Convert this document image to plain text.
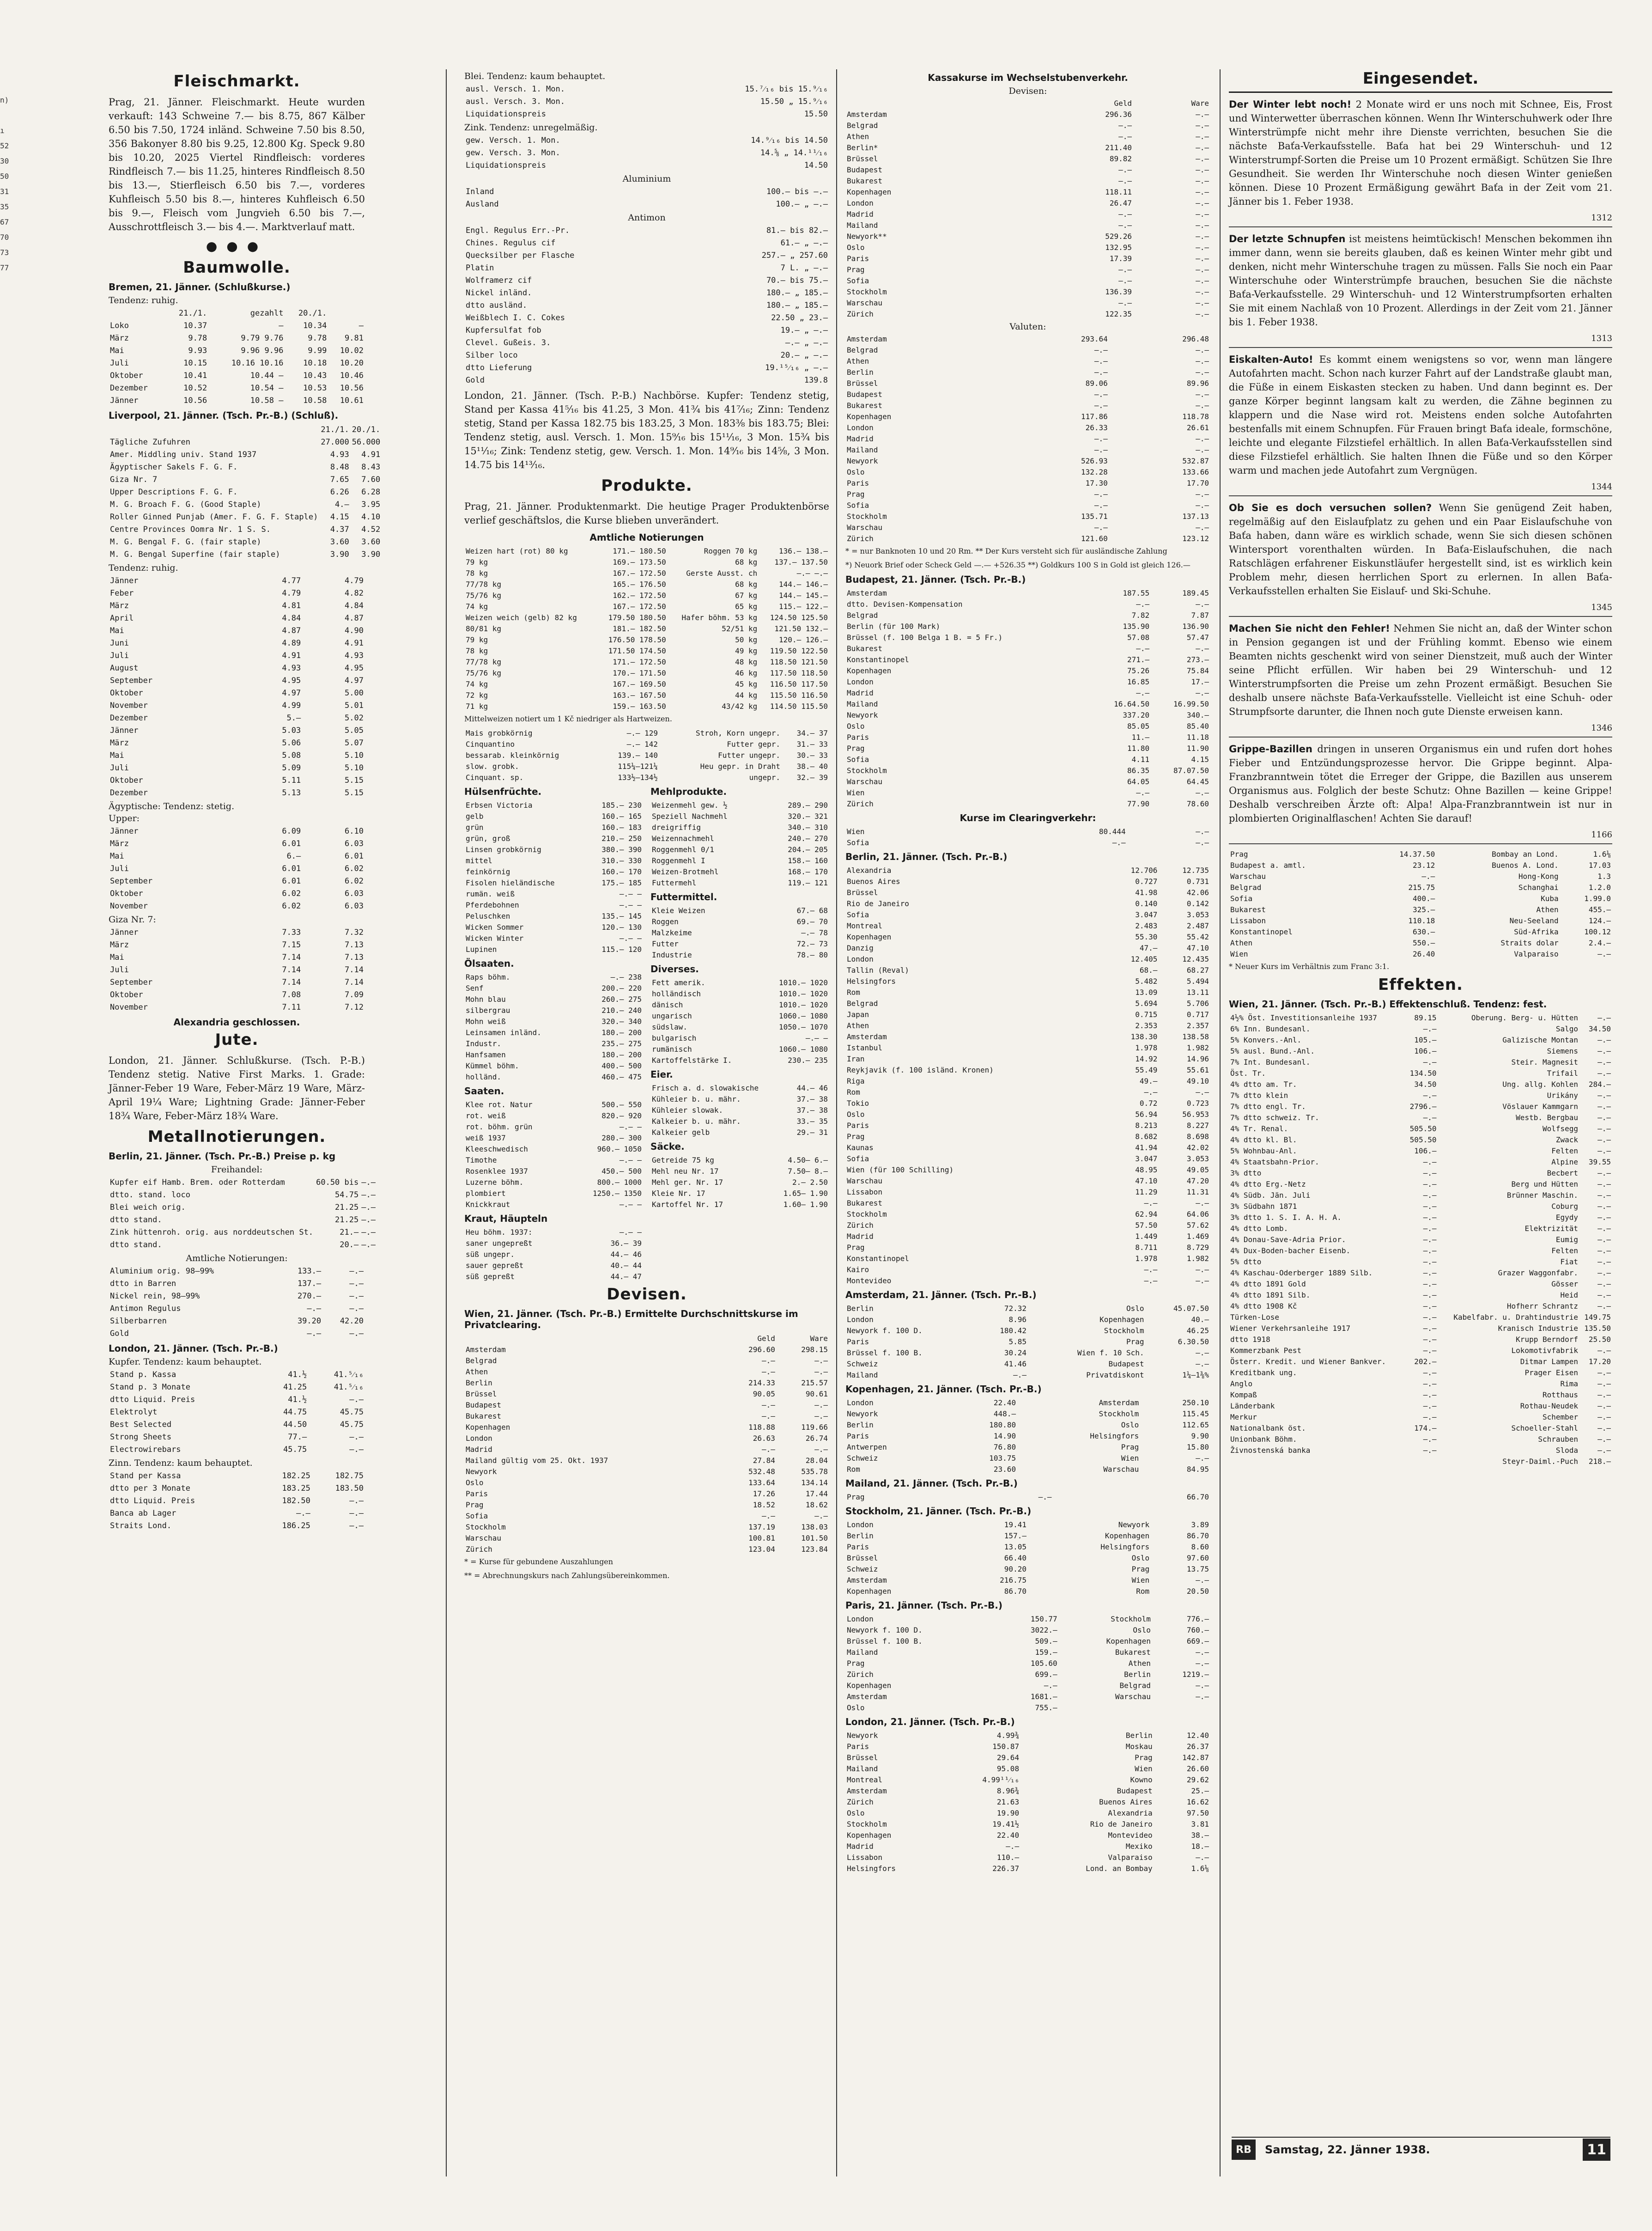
n)

ı
52
30
50
31
35
67
70
73
77

Fleischmarkt.

Prag, 21. Jänner. Fleischmarkt. Heute wurden verkauft: 143 Schweine 7.— bis 8.75, 867 Kälber 6.50 bis 7.50, 1724 inländ. Schweine 7.50 bis 8.50, 356 Bakonyer 8.80 bis 9.25, 12.800 Kg. Speck 9.80 bis 10.20, 2025 Viertel Rindfleisch: vorderes Rindfleisch 7.— bis 11.25, hinteres Rindfleisch 8.50 bis 13.—, Stierfleisch 6.50 bis 7.—, vorderes Kuhfleisch 5.50 bis 8.—, hinteres Kuhfleisch 6.50 bis 9.—, Fleisch vom Jungvieh 6.50 bis 7.—, Ausschrottfleisch 3.— bis 4.—. Marktverlauf matt.

●●●
Baumwolle.
Bremen, 21. Jänner. (Schlußkurse.)
Tendenz: ruhig.
	21./1.	gezahlt	20./1.	
Loko	10.37	—	10.34	—
März	9.78	9.79 9.76	9.78	9.81
Mai	9.93	9.96 9.96	9.99	10.02
Juli	10.15	10.16 10.16	10.18	10.20
Oktober	10.41	10.44 —	10.43	10.46
Dezember	10.52	10.54 —	10.53	10.56
Jänner	10.56	10.58 —	10.58	10.61
Liverpool, 21. Jänner. (Tsch. Pr.-B.) (Schluß).
	21./1.	20./1.
Tägliche Zufuhren	27.000	56.000
Amer. Middling univ. Stand 1937	4.93	4.91
Ägyptischer Sakels F. G. F.	8.48	8.43
Giza Nr. 7	7.65	7.60
Upper Descriptions F. G. F.	6.26	6.28
M. G. Broach F. G. (Good Staple)	4.—	3.95
Roller Ginned Punjab (Amer. F. G. F. Staple)	4.15	4.10
Centre Provinces Oomra Nr. 1 S. S.	4.37	4.52
M. G. Bengal F. G. (fair staple)	3.60	3.60
M. G. Bengal Superfine (fair staple)	3.90	3.90
Tendenz: ruhig.
Jänner	4.77	4.79
Feber	4.79	4.82
März	4.81	4.84
April	4.84	4.87
Mai	4.87	4.90
Juni	4.89	4.91
Juli	4.91	4.93
August	4.93	4.95
September	4.95	4.97
Oktober	4.97	5.00
November	4.99	5.01
Dezember	5.—	5.02
Jänner	5.03	5.05
März	5.06	5.07
Mai	5.08	5.10
Juli	5.09	5.10
Oktober	5.11	5.15
Dezember	5.13	5.15
Ägyptische: Tendenz: stetig.
Upper:
Jänner	6.09	6.10
März	6.01	6.03
Mai	6.—	6.01
Juli	6.01	6.02
September	6.01	6.02
Oktober	6.02	6.03
November	6.02	6.03
Giza Nr. 7:
Jänner	7.33	7.32
März	7.15	7.13
Mai	7.14	7.13
Juli	7.14	7.14
September	7.14	7.14
Oktober	7.08	7.09
November	7.11	7.12
Alexandria geschlossen.
Jute.

London, 21. Jänner. Schlußkurse. (Tsch. P.-B.) Tendenz stetig. Native First Marks. 1. Grade: Jänner-Feber 19 Ware, Feber-März 19 Ware, März-April 19¼ Ware; Lightning Grade: Jänner-Feber 18¾ Ware, Feber-März 18¾ Ware.

Metallnotierungen.
Berlin, 21. Jänner. (Tsch. Pr.-B.) Preise p. kg
Freihandel:
Kupfer eif Hamb. Brem. oder Rotterdam	60.50 bis	—.—
dtto. stand. loco	54.75	—.—
Blei weich orig.	21.25	—.—
dtto stand.	21.25	—.—
Zink hüttenroh. orig. aus norddeutschen St.	21.—	—.—
dtto stand.	20.—	—.—
Amtliche Notierungen:
Aluminium orig. 98—99%	133.—	—.—
dtto in Barren	137.—	—.—
Nickel rein, 98—99%	270.—	—.—
Antimon Regulus	—.—	—.—
Silberbarren	39.20	42.20
Gold	—.—	—.—
London, 21. Jänner. (Tsch. Pr.-B.)
Kupfer. Tendenz: kaum behauptet.
Stand p. Kassa	41.½	41.⁵⁄₁₆
Stand p. 3 Monate	41.25	41.⁵⁄₁₆
dtto Liquid. Preis	41.½	—.—
Elektrolyt	44.75	45.75
Best Selected	44.50	45.75
Strong Sheets	77.—	—.—
Electrowirebars	45.75	—.—
Zinn. Tendenz: kaum behauptet.
Stand per Kassa	182.25	182.75
dtto per 3 Monate	183.25	183.50
dtto Liquid. Preis	182.50	—.—
Banca ab Lager	—.—	—.—
Straits Lond.	186.25	—.—
Blei. Tendenz: kaum behauptet.
ausl. Versch. 1. Mon.	15.⁷⁄₁₆ bis 15.⁹⁄₁₆
ausl. Versch. 3. Mon.	15.50 „ 15.⁹⁄₁₆
Liquidationspreis	15.50
Zink. Tendenz: unregelmäßig.
gew. Versch. 1. Mon.	14.⁹⁄₁₆ bis 14.50
gew. Versch. 3. Mon.	14.⅝ „ 14.¹¹⁄₁₆
Liquidationspreis	14.50
Aluminium
Inland	100.— bis —.—
Ausland	100.— „ —.—
Antimon
Engl. Regulus Err.-Pr.	81.— bis 82.—
Chines. Regulus cif	61.— „ —.—
Quecksilber per Flasche	257.— „ 257.60
Platin	7 L. „ —.—
Wolframerz cif	70.— bis 75.—
Nickel inländ.	180.— „ 185.—
dtto ausländ.	180.— „ 185.—
Weißblech I. C. Cokes	22.50 „ 23.—
Kupfersulfat fob	19.— „ —.—
Clevel. Gußeis. 3.	—.— „ —.—
Silber loco	20.— „ —.—
dtto Lieferung	19.¹⁵⁄₁₆ „ —.—
Gold	139.8

London, 21. Jänner. (Tsch. P.-B.) Nachbörse. Kupfer: Tendenz stetig, Stand per Kassa 41⁵⁄₁₆ bis 41.25, 3 Mon. 41¾ bis 41⁷⁄₁₆; Zinn: Tendenz stetig, Stand per Kassa 182.75 bis 183.25, 3 Mon. 183⅜ bis 183.75; Blei: Tendenz stetig, ausl. Versch. 1. Mon. 15⁹⁄₁₆ bis 15¹¹⁄₁₆, 3 Mon. 15¾ bis 15¹¹⁄₁₆; Zink: Tendenz stetig, gew. Versch. 1. Mon. 14⁹⁄₁₆ bis 14⅝, 3 Mon. 14.75 bis 14¹³⁄₁₆.

Produkte.

Prag, 21. Jänner. Produktenmarkt. Die heutige Prager Produktenbörse verlief geschäftslos, die Kurse blieben unverändert.

Amtliche Notierungen
Weizen hart (rot) 80 kg	171.— 180.50	Roggen 70 kg	136.— 138.—
79 kg	169.— 173.50	68 kg	137.— 137.50
78 kg	167.— 172.50	Gerste Ausst. ch	—.— —.—
77/78 kg	165.— 176.50	68 kg	144.— 146.—
75/76 kg	162.— 172.50	67 kg	144.— 145.—
74 kg	167.— 172.50	65 kg	115.— 122.—
Weizen weich (gelb) 82 kg	179.50 180.50	Hafer böhm. 53 kg	124.50 125.50
80/81 kg	181.— 182.50	52/51 kg	121.50 132.—
79 kg	176.50 178.50	50 kg	120.— 126.—
78 kg	171.50 174.50	49 kg	119.50 122.50
77/78 kg	171.— 172.50	48 kg	118.50 121.50
75/76 kg	170.— 171.50	46 kg	117.50 118.50
74 kg	167.— 169.50	45 kg	116.50 117.50
72 kg	163.— 167.50	44 kg	115.50 116.50
71 kg	159.— 163.50	43/42 kg	114.50 115.50
Mittelweizen notiert um 1 Kč niedriger als Hartweizen.
Mais grobkörnig	—.— 129	Stroh, Korn ungepr.	34.— 37
Cinquantino	—.— 142	Futter gepr.	31.— 33
bessarab. kleinkörnig	139.— 140	Futter ungepr.	30.— 33
slow. grobk.	115¼—121¼	Heu gepr. in Draht	38.— 40
Cinquant. sp.	133½—134½	ungepr.	32.— 39
Hülsenfrüchte.
Erbsen Victoria	185.— 230
gelb	160.— 165
grün	160.— 183
grün, groß	210.— 250
Linsen grobkörnig	380.— 390
mittel	310.— 330
feinkörnig	160.— 170
Fisolen hieländische	175.— 185
rumän. weiß	—.— —
Pferdebohnen	—.— —
Peluschken	135.— 145
Wicken Sommer	120.— 130
Wicken Winter	—.— —
Lupinen	115.— 120
Ölsaaten.
Raps böhm.	—.— 238
Senf	200.— 220
Mohn blau	260.— 275
silbergrau	210.— 240
Mohn weiß	320.— 340
Leinsamen inländ.	180.— 200
Industr.	235.— 275
Hanfsamen	180.— 200
Kümmel böhm.	400.— 500
holländ.	460.— 475
Saaten.
Klee rot. Natur	500.— 550
rot. weiß	820.— 920
rot. böhm. grün	—.— —
weiß 1937	280.— 300
Kleeschwedisch	960.— 1050
Timothe	—.— —
Rosenklee 1937	450.— 500
Luzerne böhm.	800.— 1000
plombiert	1250.— 1350
Knickkraut	—.— —
Kraut, Häupteln
Heu böhm. 1937:	—.— —
saner ungepreßt	36.— 39
süß ungepr.	44.— 46
sauer gepreßt	40.— 44
süß gepreßt	44.— 47
Mehlprodukte.
Weizenmehl gew. ½	289.— 290
Speziell Nachmehl	320.— 321
dreigriffig	340.— 310
Weizennachmehl	240.— 270
Roggenmehl 0/1	204.— 205
Roggenmehl I	158.— 160
Weizen-Brotmehl	168.— 170
Futtermehl	119.— 121
Futtermittel.
Kleie Weizen	67.— 68
Roggen	69.— 70
Malzkeime	—.— 78
Futter	72.— 73
Industrie	78.— 80
Diverses.
Fett amerik.	1010.— 1020
holländisch	1010.— 1020
dänisch	1010.— 1020
ungarisch	1060.— 1080
südslaw.	1050.— 1070
bulgarisch	—.— —
rumänisch	1060.— 1080
Kartoffelstärke I.	230.— 235
Eier.
Frisch a. d. slowakische	44.— 46
Kühleier b. u. mähr.	37.— 38
Kühleier slowak.	37.— 38
Kalkeier b. u. mähr.	33.— 35
Kalkeier gelb	29.— 31
Säcke.
Getreide 75 kg	4.50— 6.—
Mehl neu Nr. 17	7.50— 8.—
Mehl ger. Nr. 17	2.— 2.50
Kleie Nr. 17	1.65— 1.90
Kartoffel Nr. 17	1.60— 1.90
Devisen.
Wien, 21. Jänner. (Tsch. Pr.-B.) Ermittelte Durchschnittskurse im Privatclearing.
	Geld	Ware
Amsterdam	296.60	298.15
Belgrad	—.—	—.—
Athen	—.—	—.—
Berlin	214.33	215.57
Brüssel	90.05	90.61
Budapest	—.—	—.—
Bukarest	—.—	—.—
Kopenhagen	118.88	119.66
London	26.63	26.74
Madrid	—.—	—.—
Mailand gültig vom 25. Okt. 1937	27.84	28.04
Newyork	532.48	535.78
Oslo	133.64	134.14
Paris	17.26	17.44
Prag	18.52	18.62
Sofia	—.—	—.—
Stockholm	137.19	138.03
Warschau	100.81	101.50
Zürich	123.04	123.84
* = Kurse für gebundene Auszahlungen
** = Abrechnungskurs nach Zahlungsübereinkommen.
Kassakurse im Wechselstubenverkehr.
Devisen:
	Geld	Ware
Amsterdam	296.36	—.—
Belgrad	—.—	—.—
Athen	—.—	—.—
Berlin*	211.40	—.—
Brüssel	89.82	—.—
Budapest	—.—	—.—
Bukarest	—.—	—.—
Kopenhagen	118.11	—.—
London	26.47	—.—
Madrid	—.—	—.—
Mailand	—.—	—.—
Newyork**	529.26	—.—
Oslo	132.95	—.—
Paris	17.39	—.—
Prag	—.—	—.—
Sofia	—.—	—.—
Stockholm	136.39	—.—
Warschau	—.—	—.—
Zürich	122.35	—.—
Valuten:
Amsterdam	293.64	296.48
Belgrad	—.—	—.—
Athen	—.—	—.—
Berlin	—.—	—.—
Brüssel	89.06	89.96
Budapest	—.—	—.—
Bukarest	—.—	—.—
Kopenhagen	117.86	118.78
London	26.33	26.61
Madrid	—.—	—.—
Mailand	—.—	—.—
Newyork	526.93	532.87
Oslo	132.28	133.66
Paris	17.30	17.70
Prag	—.—	—.—
Sofia	—.—	—.—
Stockholm	135.71	137.13
Warschau	—.—	—.—
Zürich	121.60	123.12
* = nur Banknoten 10 und 20 Rm. ** Der Kurs versteht sich für ausländische Zahlung
*) Neuork Brief oder Scheck Geld —.— +526.35 **) Goldkurs 100 S in Gold ist gleich 126.—
Budapest, 21. Jänner. (Tsch. Pr.-B.)
Amsterdam	187.55	189.45
dtto. Devisen-Kompensation	—.—	—.—
Belgrad	7.82	7.87
Berlin (für 100 Mark)	135.90	136.90
Brüssel (f. 100 Belga 1 B. = 5 Fr.)	57.08	57.47
Bukarest	—.—	—.—
Konstantinopel	271.—	273.—
Kopenhagen	75.26	75.84
London	16.85	17.—
Madrid	—.—	—.—
Mailand	16.64.50	16.99.50
Newyork	337.20	340.—
Oslo	85.05	85.40
Paris	11.—	11.18
Prag	11.80	11.90
Sofia	4.11	4.15
Stockholm	86.35	87.07.50
Warschau	64.05	64.45
Wien	—.—	—.—
Zürich	77.90	78.60
Kurse im Clearingverkehr:
Wien	80.444	—.—
Sofia	—.—	—.—
Berlin, 21. Jänner. (Tsch. Pr.-B.)
Alexandria	12.706	12.735
Buenos Aires	0.727	0.731
Brüssel	41.98	42.06
Rio de Janeiro	0.140	0.142
Sofia	3.047	3.053
Montreal	2.483	2.487
Kopenhagen	55.30	55.42
Danzig	47.—	47.10
London	12.405	12.435
Tallin (Reval)	68.—	68.27
Helsingfors	5.482	5.494
Rom	13.09	13.11
Belgrad	5.694	5.706
Japan	0.715	0.717
Athen	2.353	2.357
Amsterdam	138.30	138.58
Istanbul	1.978	1.982
Iran	14.92	14.96
Reykjavik (f. 100 isländ. Kronen)	55.49	55.61
Riga	49.—	49.10
Rom	—.—	—.—
Tokio	0.72	0.723
Oslo	56.94	56.953
Paris	8.213	8.227
Prag	8.682	8.698
Kaunas	41.94	42.02
Sofia	3.047	3.053
Wien (für 100 Schilling)	48.95	49.05
Warschau	47.10	47.20
Lissabon	11.29	11.31
Bukarest	—.—	—.—
Stockholm	62.94	64.06
Zürich	57.50	57.62
Madrid	1.449	1.469
Prag	8.711	8.729
Konstantinopel	1.978	1.982
Kairo	—.—	—.—
Montevideo	—.—	—.—
Amsterdam, 21. Jänner. (Tsch. Pr.-B.)
Berlin	72.32	Oslo	45.07.50
London	8.96	Kopenhagen	40.—
Newyork f. 100 D.	180.42	Stockholm	46.25
Paris	5.85	Prag	6.30.50
Brüssel f. 100 B.	30.24	Wien f. 10 Sch.	—.—
Schweiz	41.46	Budapest	—.—
Mailand	—.—	Privatdiskont	1¼—1⅜%
Kopenhagen, 21. Jänner. (Tsch. Pr.-B.)
London	22.40	Amsterdam	250.10
Newyork	448.—	Stockholm	115.45
Berlin	180.80	Oslo	112.65
Paris	14.90	Helsingfors	9.90
Antwerpen	76.80	Prag	15.80
Schweiz	103.75	Wien	—.—
Rom	23.60	Warschau	84.95
Mailand, 21. Jänner. (Tsch. Pr.-B.)
Prag	—.—		66.70
Stockholm, 21. Jänner. (Tsch. Pr.-B.)
London	19.41	Newyork	3.89
Berlin	157.—	Kopenhagen	86.70
Paris	13.05	Helsingfors	8.60
Brüssel	66.40	Oslo	97.60
Schweiz	90.20	Prag	13.75
Amsterdam	216.75	Wien	—.—
Kopenhagen	86.70	Rom	20.50
Paris, 21. Jänner. (Tsch. Pr.-B.)
London	150.77	Stockholm	776.—
Newyork f. 100 D.	3022.—	Oslo	760.—
Brüssel f. 100 B.	509.—	Kopenhagen	669.—
Mailand	159.—	Bukarest	—.—
Prag	105.60	Athen	—.—
Zürich	699.—	Berlin	1219.—
Kopenhagen	—.—	Belgrad	—.—
Amsterdam	1681.—	Warschau	—.—
Oslo	755.—		
London, 21. Jänner. (Tsch. Pr.-B.)
Newyork	4.99¾	Berlin	12.40
Paris	150.87	Moskau	26.37
Brüssel	29.64	Prag	142.87
Mailand	95.08	Wien	26.60
Montreal	4.99¹¹⁄₁₆	Kowno	29.62
Amsterdam	8.96¾	Budapest	25.—
Zürich	21.63	Buenos Aires	16.62
Oslo	19.90	Alexandria	97.50
Stockholm	19.41½	Rio de Janeiro	3.81
Kopenhagen	22.40	Montevideo	38.—
Madrid	—.—	Mexiko	18.—
Lissabon	110.—	Valparaiso	—.—
Helsingfors	226.37	Lond. an Bombay	1.6⅛
Eingesendet.

Der Winter lebt noch! 2 Monate wird er uns noch mit Schnee, Eis, Frost und Winterwetter überraschen können. Wenn Ihr Winterschuhwerk oder Ihre Winterstrümpfe nicht mehr ihre Dienste verrichten, besuchen Sie die nächste Baťa-Verkaufsstelle. Baťa hat bei 29 Winterschuh- und 12 Winterstrumpf-Sorten die Preise um 10 Prozent ermäßigt. Schützen Sie Ihre Gesundheit. Sie werden Ihr Winterschuhe noch diesen Winter genießen können. Diese 10 Prozent Ermäßigung gewährt Baťa in der Zeit vom 21. Jänner bis 1. Feber 1938.

1312

Der letzte Schnupfen ist meistens heimtückisch! Menschen bekommen ihn immer dann, wenn sie bereits glauben, daß es keinen Winter mehr gibt und denken, nicht mehr Winterschuhe tragen zu müssen. Falls Sie noch ein Paar Winterschuhe oder Winterstrümpfe brauchen, besuchen Sie die nächste Baťa-Verkaufsstelle. 29 Winterschuh- und 12 Winterstrumpfsorten erhalten Sie mit einem Nachlaß von 10 Prozent. Allerdings in der Zeit vom 21. Jänner bis 1. Feber 1938.

1313

Eiskalten-Auto! Es kommt einem wenigstens so vor, wenn man längere Autofahrten macht. Schon nach kurzer Fahrt auf der Landstraße glaubt man, die Füße in einem Eiskasten stecken zu haben. Und dann beginnt es. Der ganze Körper beginnt langsam kalt zu werden, die Zähne beginnen zu klappern und die Nase wird rot. Meistens enden solche Autofahrten bestenfalls mit einem Schnupfen. Für Frauen bringt Baťa ideale, formschöne, leichte und elegante Filzstiefel erhältlich. In allen Baťa-Verkaufsstellen sind diese Filzstiefel erhältlich. Sie halten Ihnen die Füße und so den Körper warm und machen jede Autofahrt zum Vergnügen.

1344

Ob Sie es doch versuchen sollen? Wenn Sie genügend Zeit haben, regelmäßig auf den Eislaufplatz zu gehen und ein Paar Eislaufschuhe von Baťa haben, dann wäre es wirklich schade, wenn Sie sich diesen schönen Wintersport vorenthalten würden. In Baťa-Eislaufschuhen, die nach Ratschlägen erfahrener Eiskunstläufer hergestellt sind, ist es wirklich kein Problem mehr, diesen herrlichen Sport zu erlernen. In allen Baťa-Verkaufsstellen erhalten Sie Eislauf- und Ski-Schuhe.

1345

Machen Sie nicht den Fehler! Nehmen Sie nicht an, daß der Winter schon in Pension gegangen ist und der Frühling kommt. Ebenso wie einem Beamten nichts geschenkt wird von seiner Dienstzeit, muß auch der Winter seine Pflicht erfüllen. Wir haben bei 29 Winterschuh- und 12 Winterstrumpfsorten die Preise um zehn Prozent ermäßigt. Besuchen Sie deshalb unsere nächste Baťa-Verkaufsstelle. Vielleicht ist eine Schuh- oder Strumpfsorte darunter, die Ihnen noch gute Dienste erweisen kann.

1346

Grippe-Bazillen dringen in unseren Organismus ein und rufen dort hohes Fieber und Entzündungsprozesse hervor. Die Grippe beginnt. Alpa-Franzbranntwein tötet die Erreger der Grippe, die Bazillen aus unserem Organismus aus. Folglich der beste Schutz: Ohne Bazillen — keine Grippe! Deshalb verschreiben Ärzte oft: Alpa! Alpa-Franzbranntwein ist nur in plombierten Originalflaschen! Achten Sie darauf!

1166
Prag	14.37.50	Bombay an Lond.	1.6⅛
Budapest a. amtl.	23.12	Buenos A. Lond.	17.03
Warschau	—.—	Hong-Kong	1.3
Belgrad	215.75	Schanghai	1.2.0
Sofia	400.—	Kuba	1.99.0
Bukarest	325.—	Athen	455.—
Lissabon	110.18	Neu-Seeland	124.—
Konstantinopel	630.—	Süd-Afrika	100.12
Athen	550.—	Straits dolar	2.4.—
Wien	26.40	Valparaiso	—.—
* Neuer Kurs im Verhältnis zum Franc 3:1.
Effekten.
Wien, 21. Jänner. (Tsch. Pr.-B.) Effektenschluß. Tendenz: fest.
4½% Öst. Investitionsanleihe 1937	89.15	Oberung. Berg- u. Hütten	—.—
6% Inn. Bundesanl.	—.—	Salgo	34.50
5% Konvers.-Anl.	105.—	Galizische Montan	—.—
5% ausl. Bund.-Anl.	106.—	Siemens	—.—
7% Int. Bundesanl.	—.—	Steir. Magnesit	—.—
Öst. Tr.	134.50	Trifail	—.—
4% dtto am. Tr.	34.50	Ung. allg. Kohlen	284.—
7% dtto klein	—.—	Urikány	—.—
7% dtto engl. Tr.	2796.—	Vöslauer Kammgarn	—.—
7% dtto schweiz. Tr.	—.—	Westb. Bergbau	—.—
4% Tr. Renal.	505.50	Wolfsegg	—.—
4% dtto kl. Bl.	505.50	Zwack	—.—
5% Wohnbau-Anl.	106.—	Felten	—.—
4% Staatsbahn-Prior.	—.—	Alpine	39.55
3% dtto	—.—	Becbert	—.—
4% dtto Erg.-Netz	—.—	Berg und Hütten	—.—
4% Südb. Jän. Juli	—.—	Brünner Maschin.	—.—
3% Südbahn 1871	—.—	Coburg	—.—
3% dtto 1. S. I. A. H. A.	—.—	Egydy	—.—
4% dtto Lomb.	—.—	Elektrizität	—.—
4% Donau-Save-Adria Prior.	—.—	Eumig	—.—
4% Dux-Boden-bacher Eisenb.	—.—	Felten	—.—
5% dtto	—.—	Fiat	—.—
4% Kaschau-Oderberger 1889 Silb.	—.—	Grazer Waggonfabr.	—.—
4% dtto 1891 Gold	—.—	Gösser	—.—
4% dtto 1891 Silb.	—.—	Heid	—.—
4% dtto 1908 Kč	—.—	Hofherr Schrantz	—.—
Türken-Lose	—.—	Kabelfabr. u. Drahtindustrie	149.75
Wiener Verkehrsanleihe 1917	—.—	Kranisch Industrie	135.50
dtto 1918	—.—	Krupp Berndorf	25.50
Kommerzbank Pest	—.—	Lokomotivfabrik	—.—
Österr. Kredit. und Wiener Bankver.	202.—	Ditmar Lampen	17.20
Kreditbank ung.	—.—	Prager Eisen	—.—
Anglo	—.—	Rima	—.—
Kompaß	—.—	Rotthaus	—.—
Länderbank	—.—	Rothau-Neudek	—.—
Merkur	—.—	Schember	—.—
Nationalbank öst.	174.—	Schoeller-Stahl	—.—
Unionbank Böhm.	—.—	Schrauben	—.—
Živnostenská banka	—.—	Sloda	—.—
		Steyr-Daiml.-Puch	218.—
RB	Samstag, 22. Jänner 1938.	11
